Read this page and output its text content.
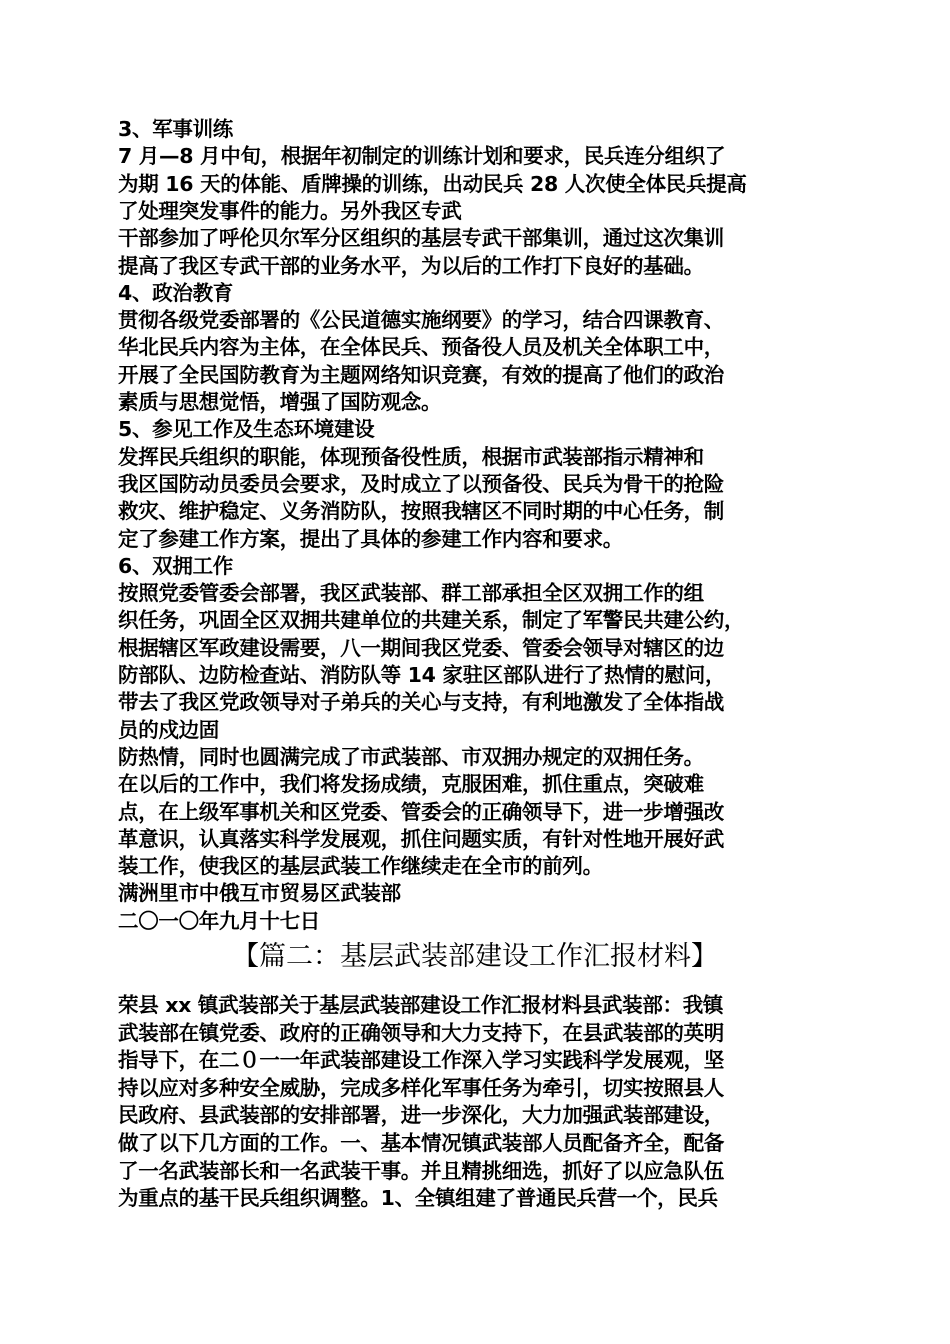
3、军事训练

7 月—8 月中旬，根据年初制定的训练计划和要求，民兵连分组织了

为期 16 天的体能、盾牌操的训练，出动民兵 28 人次使全体民兵提高

了处理突发事件的能力。另外我区专武

干部参加了呼伦贝尔军分区组织的基层专武干部集训，通过这次集训

提高了我区专武干部的业务水平，为以后的工作打下良好的基础。

4、政治教育

贯彻各级党委部署的《公民道德实施纲要》的学习，结合四课教育、

华北民兵内容为主体，在全体民兵、预备役人员及机关全体职工中，

开展了全民国防教育为主题网络知识竞赛，有效的提高了他们的政治

素质与思想觉悟，增强了国防观念。

5、参见工作及生态环境建设

发挥民兵组织的职能，体现预备役性质，根据市武装部指示精神和

我区国防动员委员会要求，及时成立了以预备役、民兵为骨干的抢险

救灾、维护稳定、义务消防队，按照我辖区不同时期的中心任务，制

定了参建工作方案，提出了具体的参建工作内容和要求。

6、双拥工作

按照党委管委会部署，我区武装部、群工部承担全区双拥工作的组

织任务，巩固全区双拥共建单位的共建关系，制定了军警民共建公约，

根据辖区军政建设需要，八一期间我区党委、管委会领导对辖区的边

防部队、边防检查站、消防队等 14 家驻区部队进行了热情的慰问，

带去了我区党政领导对子弟兵的关心与支持，有利地激发了全体指战

员的戍边固

防热情，同时也圆满完成了市武装部、市双拥办规定的双拥任务。

在以后的工作中，我们将发扬成绩，克服困难，抓住重点，突破难

点，在上级军事机关和区党委、管委会的正确领导下，进一步增强改

革意识，认真落实科学发展观，抓住问题实质，有针对性地开展好武

装工作，使我区的基层武装工作继续走在全市的前列。

满洲里市中俄互市贸易区武装部

二〇一〇年九月十七日

【篇二：基层武装部建设工作汇报材料】

荣县 xx 镇武装部关于基层武装部建设工作汇报材料县武装部：我镇

武装部在镇党委、政府的正确领导和大力支持下，在县武装部的英明

指导下，在二０一一年武装部建设工作深入学习实践科学发展观，坚

持以应对多种安全威胁，完成多样化军事任务为牵引，切实按照县人

民政府、县武装部的安排部署，进一步深化，大力加强武装部建设，

做了以下几方面的工作。一、基本情况镇武装部人员配备齐全，配备

了一名武装部长和一名武装干事。并且精挑细选，抓好了以应急队伍

为重点的基干民兵组织调整。1、全镇组建了普通民兵营一个，民兵
